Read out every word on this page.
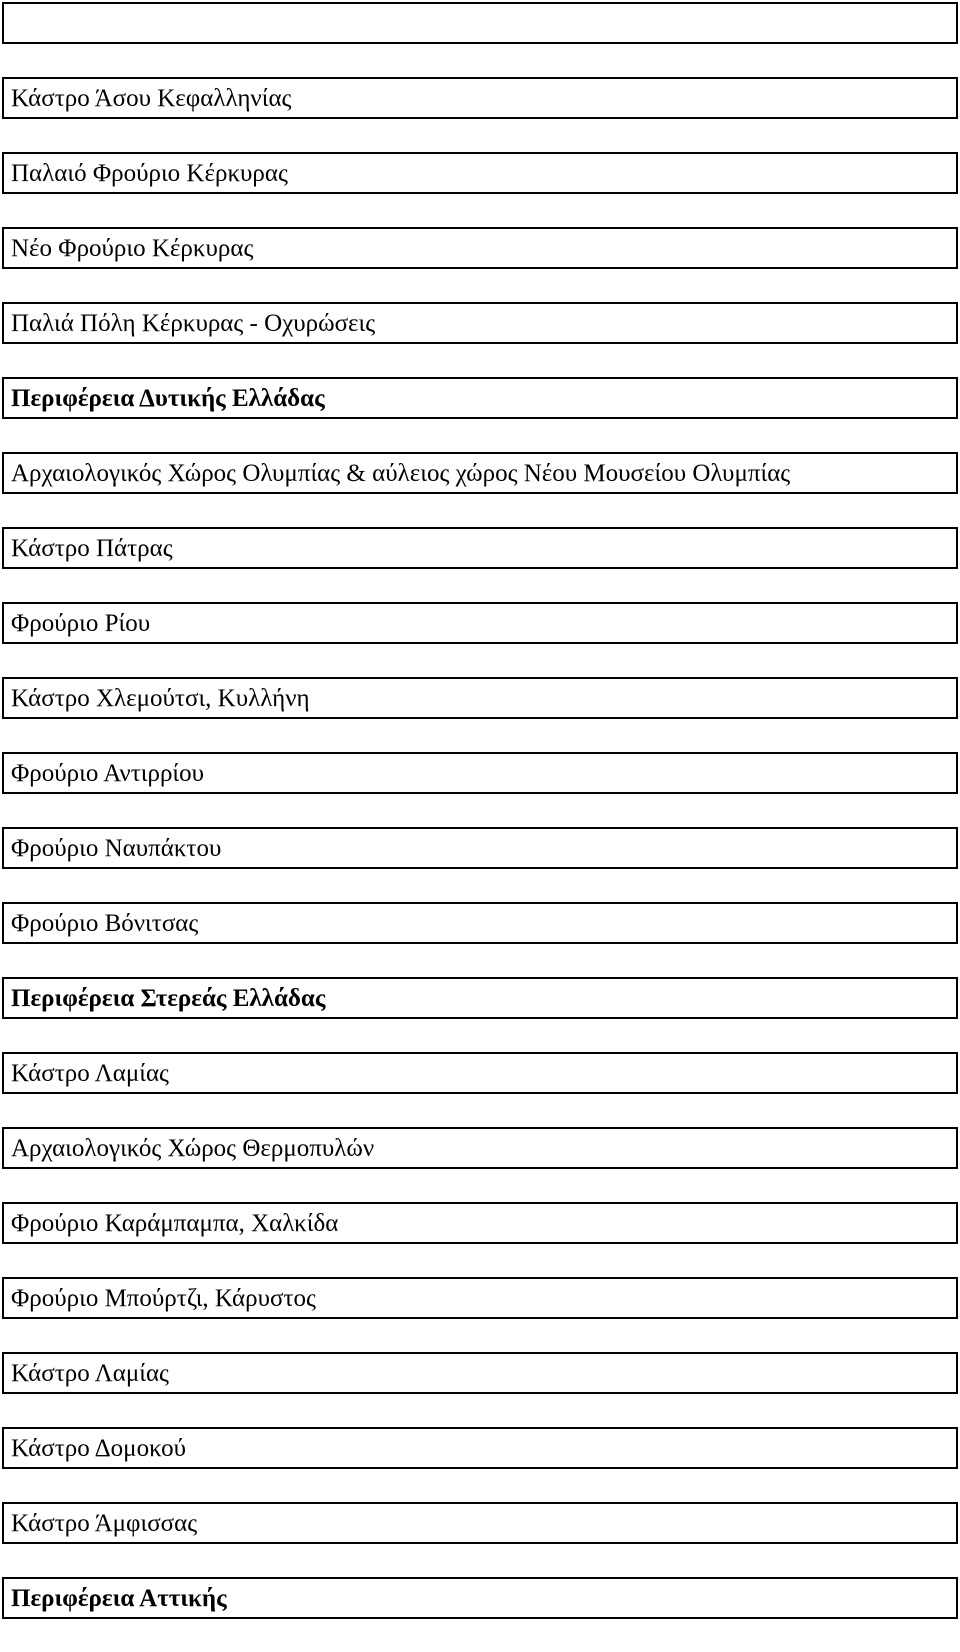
Κάστρο Άσου Κεφαλληνίας
Παλαιό Φρούριο Κέρκυρας
Νέο Φρούριο Κέρκυρας
Παλιά Πόλη Κέρκυρας - Οχυρώσεις
Περιφέρεια Δυτικής Ελλάδας
Αρχαιολογικός Χώρος Ολυμπίας & αύλειος χώρος Νέου Μουσείου Ολυμπίας
Κάστρο Πάτρας
Φρούριο Ρίου
Κάστρο Χλεμούτσι, Κυλλήνη
Φρούριο Αντιρρίου
Φρούριο Ναυπάκτου
Φρούριο Βόνιτσας
Περιφέρεια Στερεάς Ελλάδας
Κάστρο Λαμίας
Αρχαιολογικός Χώρος Θερμοπυλών
Φρούριο Καράμπαμπα, Χαλκίδα
Φρούριο Μπούρτζι, Κάρυστος
Κάστρο Λαμίας
Κάστρο Δομοκού
Κάστρο Άμφισσας
Περιφέρεια Αττικής
